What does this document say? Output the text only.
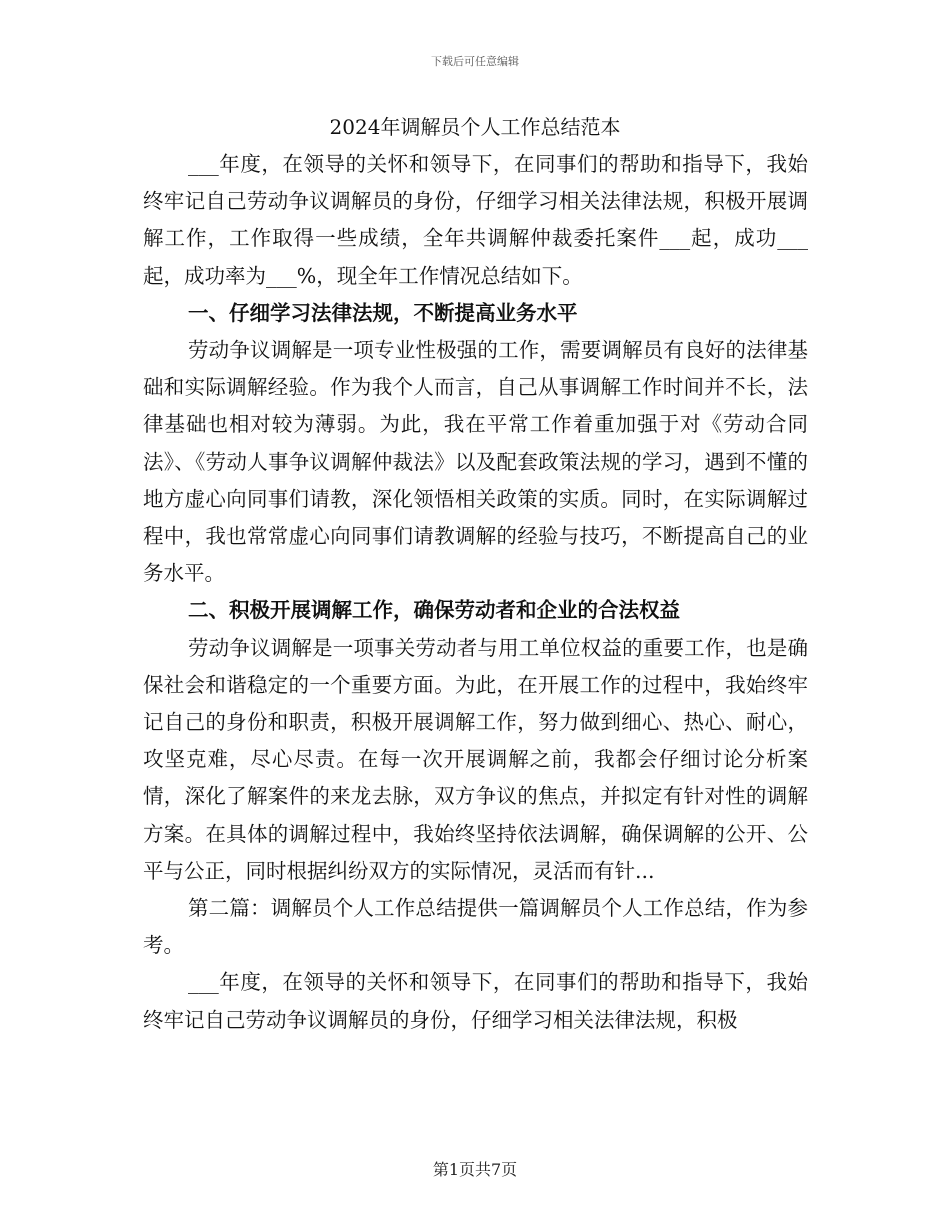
下载后可任意编辑
2024年调解员个人工作总结范本

___年度，在领导的关怀和领导下，在同事们的帮助和指导下，我始终牢记自己劳动争议调解员的身份，仔细学习相关法律法规，积极开展调解工作，工作取得一些成绩，全年共调解仲裁委托案件___起，成功___起，成功率为___%，现全年工作情况总结如下。

一、仔细学习法律法规，不断提高业务水平

劳动争议调解是一项专业性极强的工作，需要调解员有良好的法律基础和实际调解经验。作为我个人而言，自己从事调解工作时间并不长，法律基础也相对较为薄弱。为此，我在平常工作着重加强于对《劳动合同法》、《劳动人事争议调解仲裁法》以及配套政策法规的学习，遇到不懂的地方虚心向同事们请教，深化领悟相关政策的实质。同时，在实际调解过程中，我也常常虚心向同事们请教调解的经验与技巧，不断提高自己的业务水平。

二、积极开展调解工作，确保劳动者和企业的合法权益

劳动争议调解是一项事关劳动者与用工单位权益的重要工作，也是确保社会和谐稳定的一个重要方面。为此，在开展工作的过程中，我始终牢记自己的身份和职责，积极开展调解工作，努力做到细心、热心、耐心，攻坚克难，尽心尽责。在每一次开展调解之前，我都会仔细讨论分析案情，深化了解案件的来龙去脉，双方争议的焦点，并拟定有针对性的调解方案。在具体的调解过程中，我始终坚持依法调解，确保调解的公开、公平与公正，同时根据纠纷双方的实际情况，灵活而有针...

第二篇：调解员个人工作总结提供一篇调解员个人工作总结，作为参考。

___年度，在领导的关怀和领导下，在同事们的帮助和指导下，我始终牢记自己劳动争议调解员的身份，仔细学习相关法律法规，积极

第1页共7页
